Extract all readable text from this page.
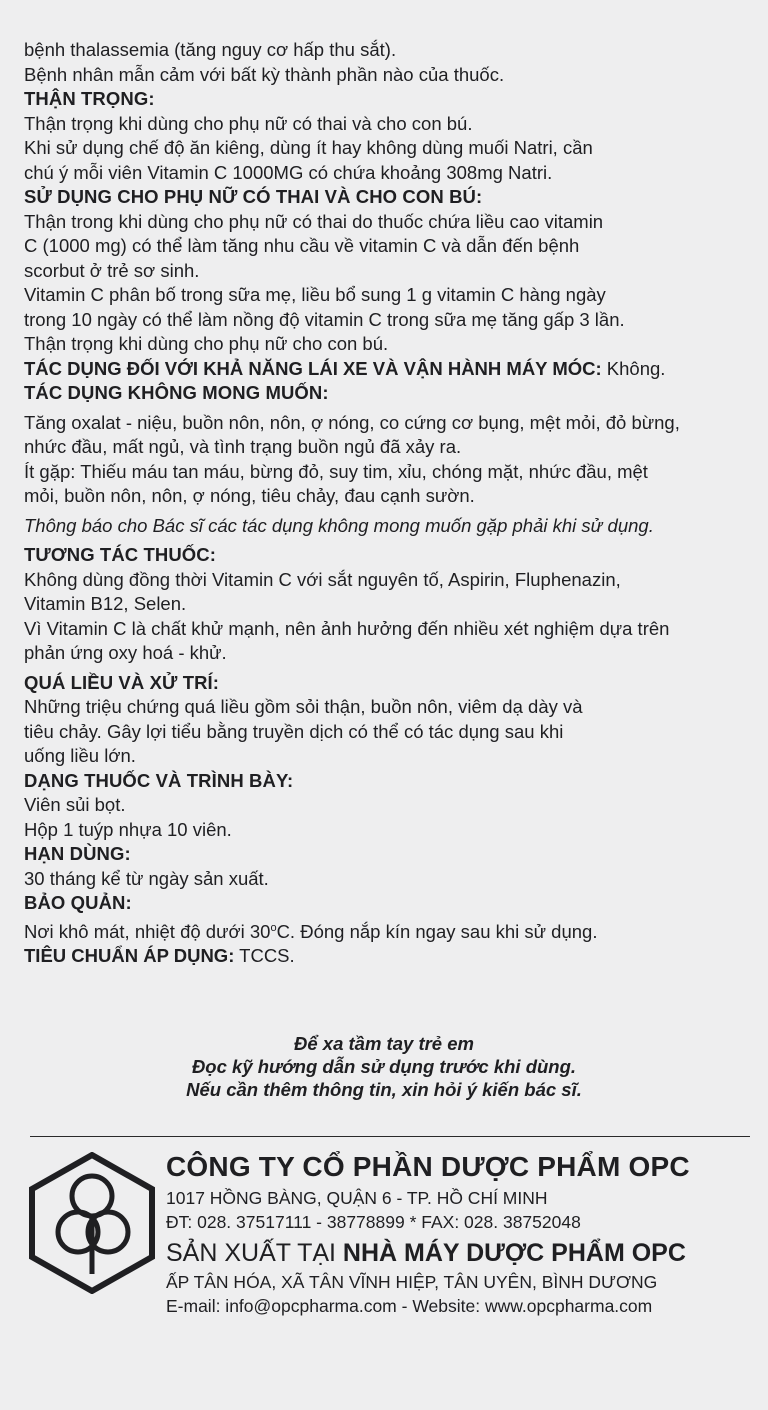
bệnh thalassemia (tăng nguy cơ hấp thu sắt).
Bệnh nhân mẫn cảm với bất kỳ thành phần nào của thuốc.
THẬN TRỌNG:
Thận trọng khi dùng cho phụ nữ có thai và cho con bú.
Khi sử dụng chế độ ăn kiêng, dùng ít hay không dùng muối Natri, cần
chú ý mỗi viên Vitamin C 1000MG có chứa khoảng 308mg Natri.
SỬ DỤNG CHO PHỤ NỮ CÓ THAI VÀ CHO CON BÚ:
Thận trong khi dùng cho phụ nữ có thai do thuốc chứa liều cao vitamin
C (1000 mg) có thể làm tăng nhu cầu về vitamin C và dẫn đến bệnh
scorbut ở trẻ sơ sinh.
Vitamin C phân bố trong sữa mẹ, liều bổ sung 1 g vitamin C hàng ngày
trong 10 ngày có thể làm nồng độ vitamin C trong sữa mẹ tăng gấp 3 lần.
Thận trọng khi dùng cho phụ nữ cho con bú.
TÁC DỤNG ĐỐI VỚI KHẢ NĂNG LÁI XE VÀ VẬN HÀNH MÁY MÓC: Không.
TÁC DỤNG KHÔNG MONG MUỐN:
Tăng oxalat - niệu, buồn nôn, nôn, ợ nóng, co cứng cơ bụng, mệt mỏi, đỏ bừng,
nhức đầu, mất ngủ, và tình trạng buồn ngủ đã xảy ra.
Ít gặp: Thiếu máu tan máu, bừng đỏ, suy tim, xỉu, chóng mặt, nhức đầu, mệt
mỏi, buồn nôn, nôn, ợ nóng, tiêu chảy, đau cạnh sườn.
Thông báo cho Bác sĩ các tác dụng không mong muốn gặp phải khi sử dụng.
TƯƠNG TÁC THUỐC:
Không dùng đồng thời Vitamin C với sắt nguyên tố, Aspirin, Fluphenazin,
Vitamin B12, Selen.
Vì Vitamin C là chất khử mạnh, nên ảnh hưởng đến nhiều xét nghiệm dựa trên
phản ứng oxy hoá - khử.
QUÁ LIỀU VÀ XỬ TRÍ:
Những triệu chứng quá liều gồm sỏi thận, buồn nôn, viêm dạ dày và
tiêu chảy. Gây lợi tiểu bằng truyền dịch có thể có tác dụng sau khi
uống liều lớn.
DẠNG THUỐC VÀ TRÌNH BÀY:
Viên sủi bọt.
Hộp 1 tuýp nhựa 10 viên.
HẠN DÙNG:
30 tháng kể từ ngày sản xuất.
BẢO QUẢN:
Nơi khô mát, nhiệt độ dưới 30$^o$C. Đóng nắp kín ngay sau khi sử dụng.
TIÊU CHUẨN ÁP DỤNG: TCCS.
Để xa tầm tay trẻ em
Đọc kỹ hướng dẫn sử dụng trước khi dùng.
Nếu cần thêm thông tin, xin hỏi ý kiến bác sĩ.
CÔNG TY CỔ PHẦN DƯỢC PHẨM OPC
1017 HỒNG BÀNG, QUẬN 6 - TP. HỒ CHÍ MINH
ĐT: 028. 37517111 - 38778899 * FAX: 028. 38752048
SẢN XUẤT TẠI NHÀ MÁY DƯỢC PHẨM OPC
ẤP TÂN HÓA, XÃ TÂN VĨNH HIỆP, TÂN UYÊN, BÌNH DƯƠNG
E-mail: info@opcpharma.com - Website: www.opcpharma.com
